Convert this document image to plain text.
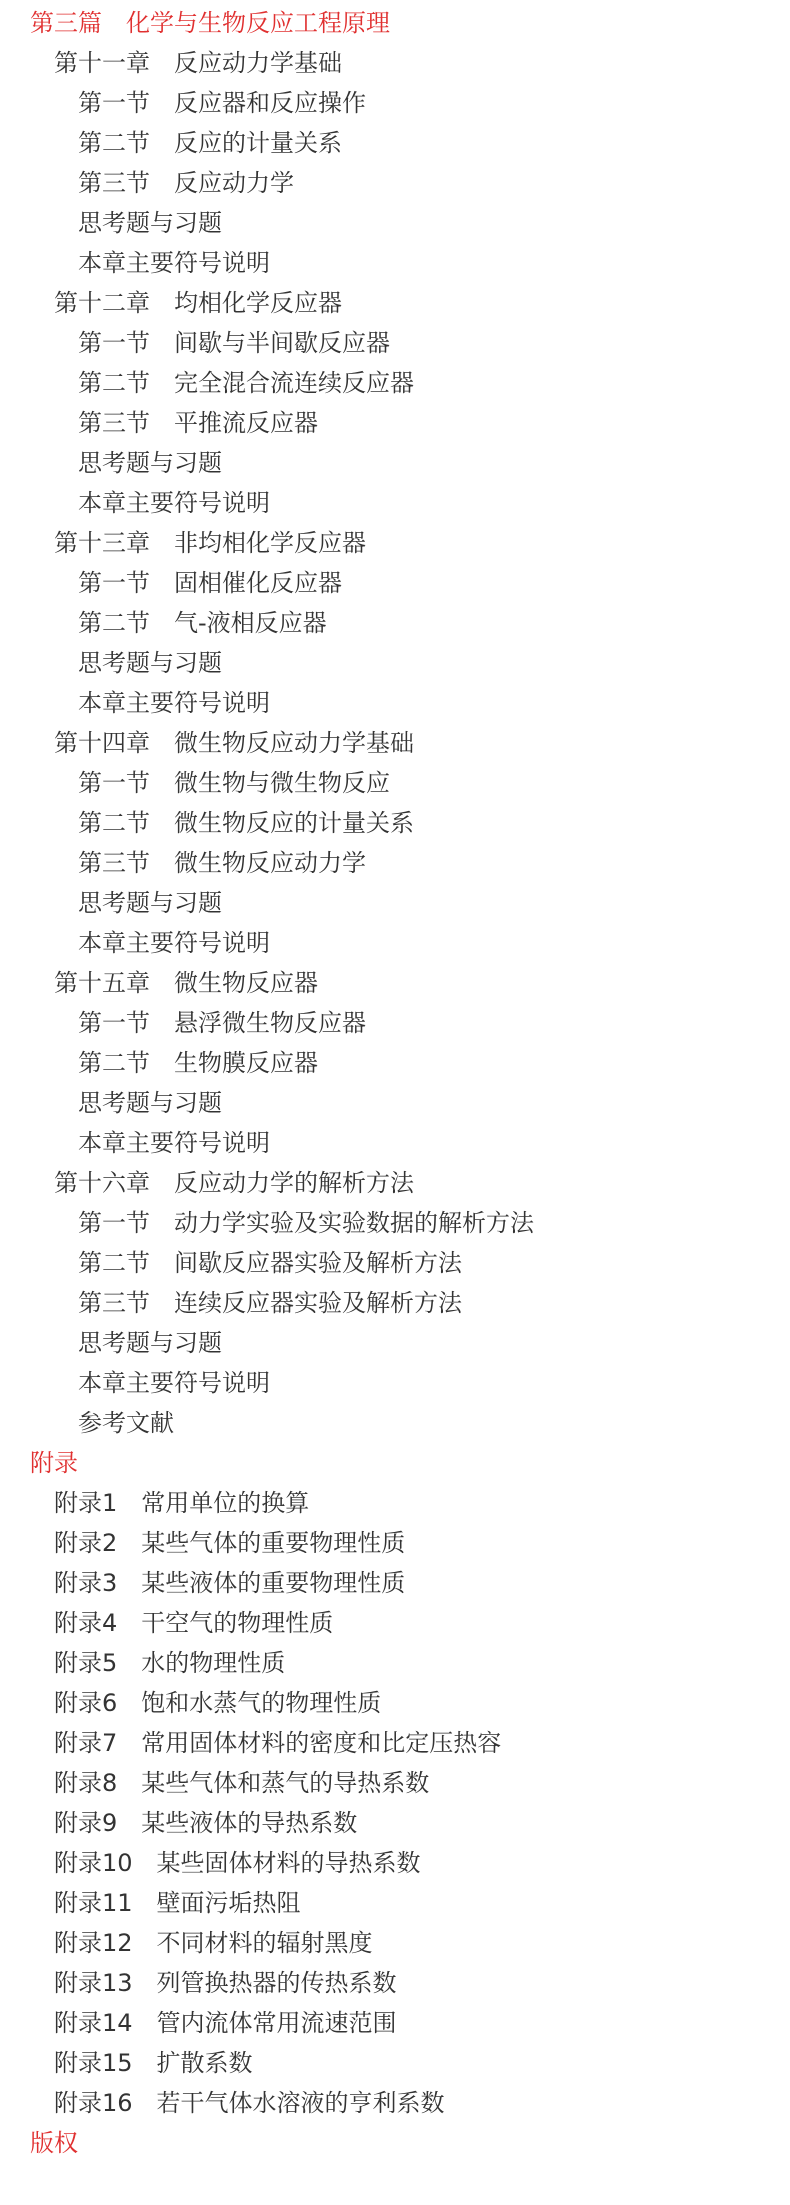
第三篇 化学与生物反应工程原理
第十一章 反应动力学基础
第一节 反应器和反应操作
第二节 反应的计量关系
第三节 反应动力学
思考题与习题
本章主要符号说明
第十二章 均相化学反应器
第一节 间歇与半间歇反应器
第二节 完全混合流连续反应器
第三节 平推流反应器
思考题与习题
本章主要符号说明
第十三章 非均相化学反应器
第一节 固相催化反应器
第二节 气-液相反应器
思考题与习题
本章主要符号说明
第十四章 微生物反应动力学基础
第一节 微生物与微生物反应
第二节 微生物反应的计量关系
第三节 微生物反应动力学
思考题与习题
本章主要符号说明
第十五章 微生物反应器
第一节 悬浮微生物反应器
第二节 生物膜反应器
思考题与习题
本章主要符号说明
第十六章 反应动力学的解析方法
第一节 动力学实验及实验数据的解析方法
第二节 间歇反应器实验及解析方法
第三节 连续反应器实验及解析方法
思考题与习题
本章主要符号说明
参考文献
附录
附录1 常用单位的换算
附录2 某些气体的重要物理性质
附录3 某些液体的重要物理性质
附录4 干空气的物理性质
附录5 水的物理性质
附录6 饱和水蒸气的物理性质
附录7 常用固体材料的密度和比定压热容
附录8 某些气体和蒸气的导热系数
附录9 某些液体的导热系数
附录10 某些固体材料的导热系数
附录11 壁面污垢热阻
附录12 不同材料的辐射黑度
附录13 列管换热器的传热系数
附录14 管内流体常用流速范围
附录15 扩散系数
附录16 若干气体水溶液的亨利系数
版权
